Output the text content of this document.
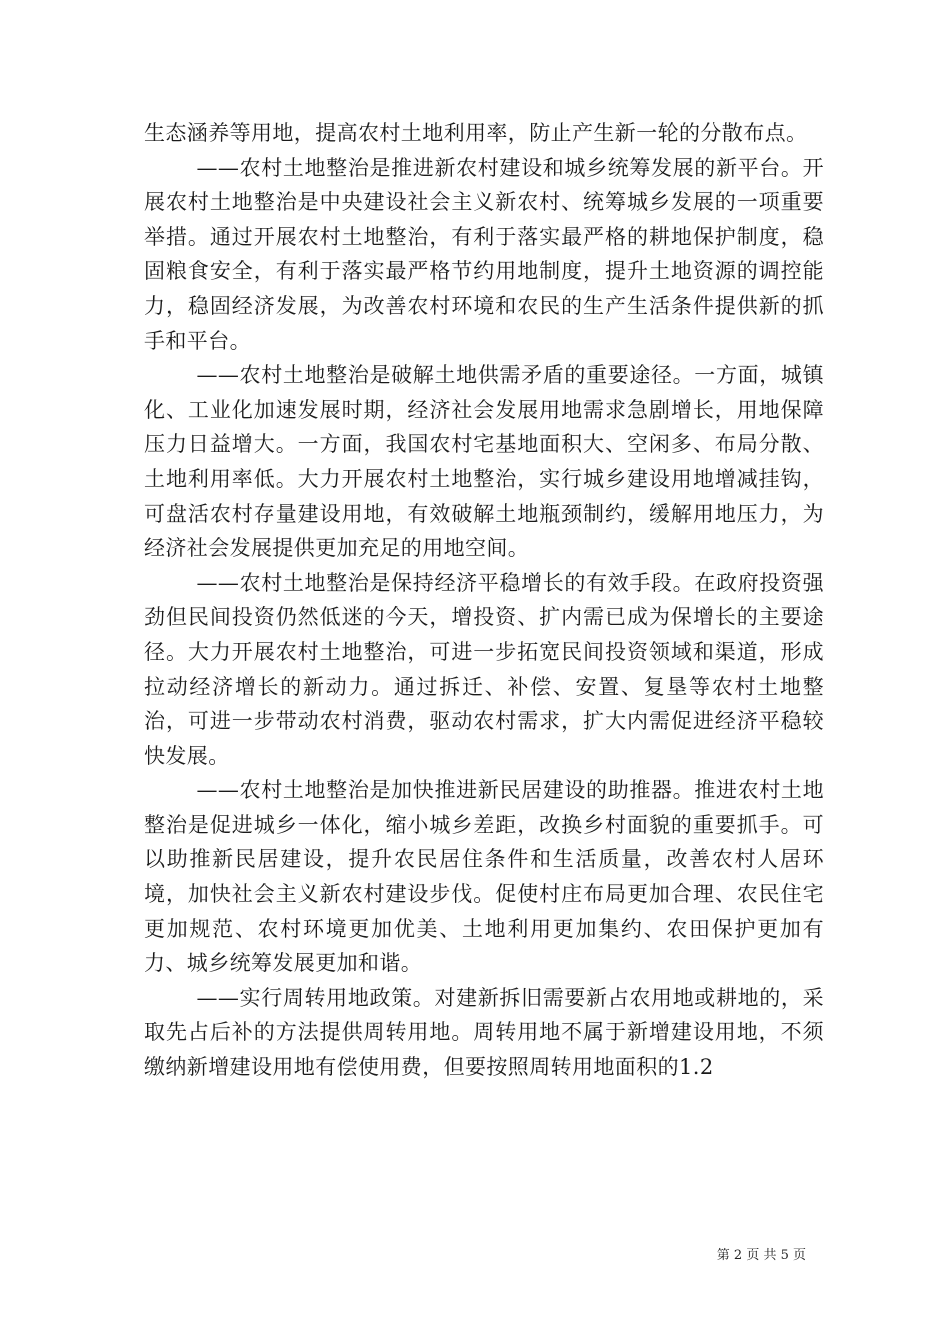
生态涵养等用地，提高农村土地利用率，防止产生新一轮的分散布点。

——农村土地整治是推进新农村建设和城乡统筹发展的新平台。开展农村土地整治是中央建设社会主义新农村、统筹城乡发展的一项重要举措。通过开展农村土地整治，有利于落实最严格的耕地保护制度，稳固粮食安全，有利于落实最严格节约用地制度，提升土地资源的调控能力，稳固经济发展，为改善农村环境和农民的生产生活条件提供新的抓手和平台。

——农村土地整治是破解土地供需矛盾的重要途径。一方面，城镇化、工业化加速发展时期，经济社会发展用地需求急剧增长，用地保障压力日益增大。一方面，我国农村宅基地面积大、空闲多、布局分散、土地利用率低。大力开展农村土地整治，实行城乡建设用地增减挂钩，可盘活农村存量建设用地，有效破解土地瓶颈制约，缓解用地压力，为经济社会发展提供更加充足的用地空间。

——农村土地整治是保持经济平稳增长的有效手段。在政府投资强劲但民间投资仍然低迷的今天，增投资、扩内需已成为保增长的主要途径。大力开展农村土地整治，可进一步拓宽民间投资领域和渠道，形成拉动经济增长的新动力。通过拆迁、补偿、安置、复垦等农村土地整治，可进一步带动农村消费，驱动农村需求，扩大内需促进经济平稳较快发展。

——农村土地整治是加快推进新民居建设的助推器。推进农村土地整治是促进城乡一体化，缩小城乡差距，改换乡村面貌的重要抓手。可以助推新民居建设，提升农民居住条件和生活质量，改善农村人居环境，加快社会主义新农村建设步伐。促使村庄布局更加合理、农民住宅更加规范、农村环境更加优美、土地利用更加集约、农田保护更加有力、城乡统筹发展更加和谐。

——实行周转用地政策。对建新拆旧需要新占农用地或耕地的，采取先占后补的方法提供周转用地。周转用地不属于新增建设用地，不须缴纳新增建设用地有偿使用费，但要按照周转用地面积的1.2

第 2 页 共 5 页
